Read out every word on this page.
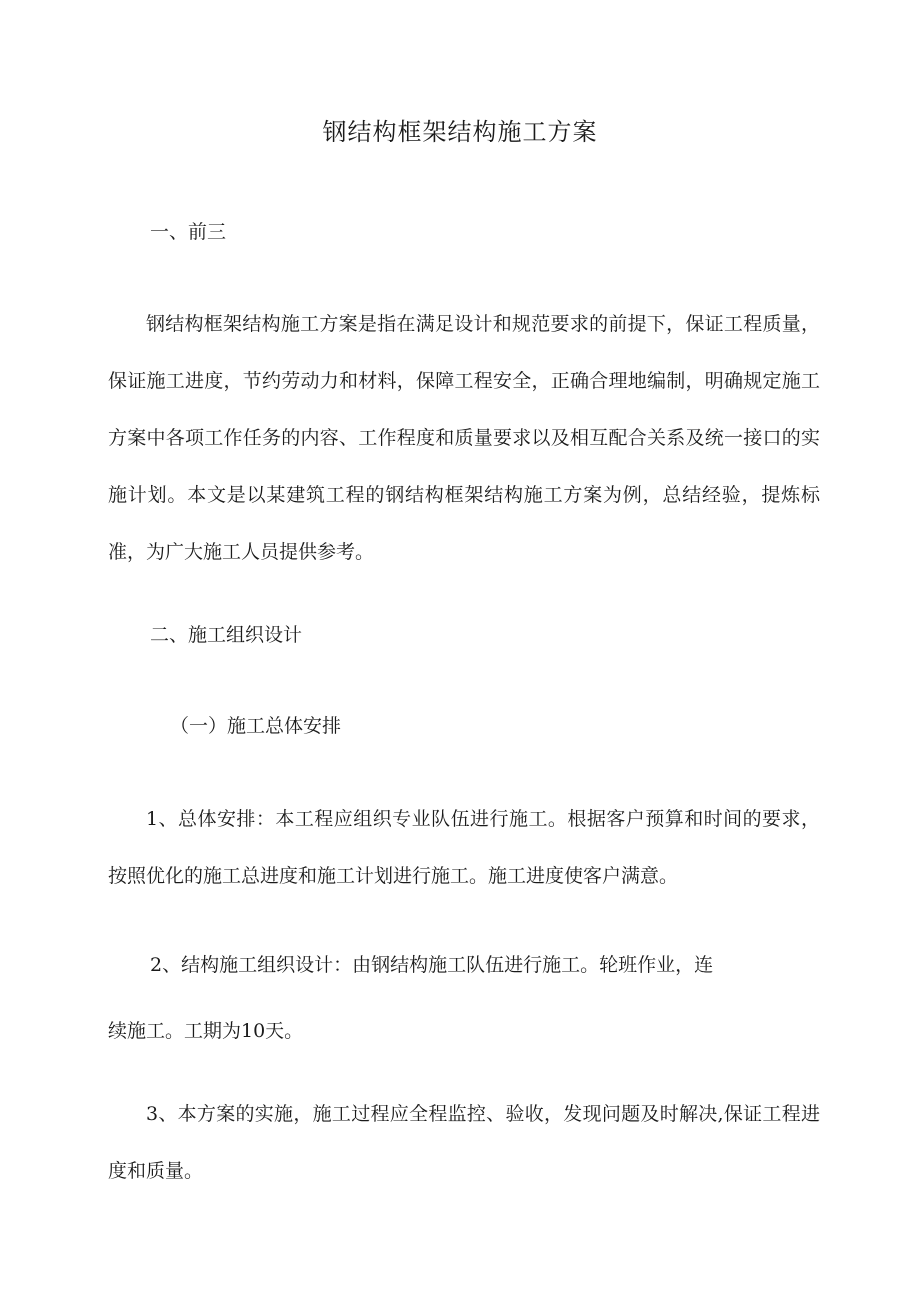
钢结构框架结构施工方案
一、前三

钢结构框架结构施工方案是指在满足设计和规范要求的前提下，保证工程质量，保证施工进度，节约劳动力和材料，保障工程安全，正确合理地编制，明确规定施工方案中各项工作任务的内容、工作程度和质量要求以及相互配合关系及统一接口的实施计划。本文是以某建筑工程的钢结构框架结构施工方案为例，总结经验，提炼标准，为广大施工人员提供参考。

二、施工组织设计
（一）施工总体安排

1、总体安排：本工程应组织专业队伍进行施工。根据客户预算和时间的要求，按照优化的施工总进度和施工计划进行施工。施工进度使客户满意。

2、结构施工组织设计：由钢结构施工队伍进行施工。轮班作业，连

续施工。工期为10天。

3、本方案的实施，施工过程应全程监控、验收，发现问题及时解决,保证工程进度和质量。
